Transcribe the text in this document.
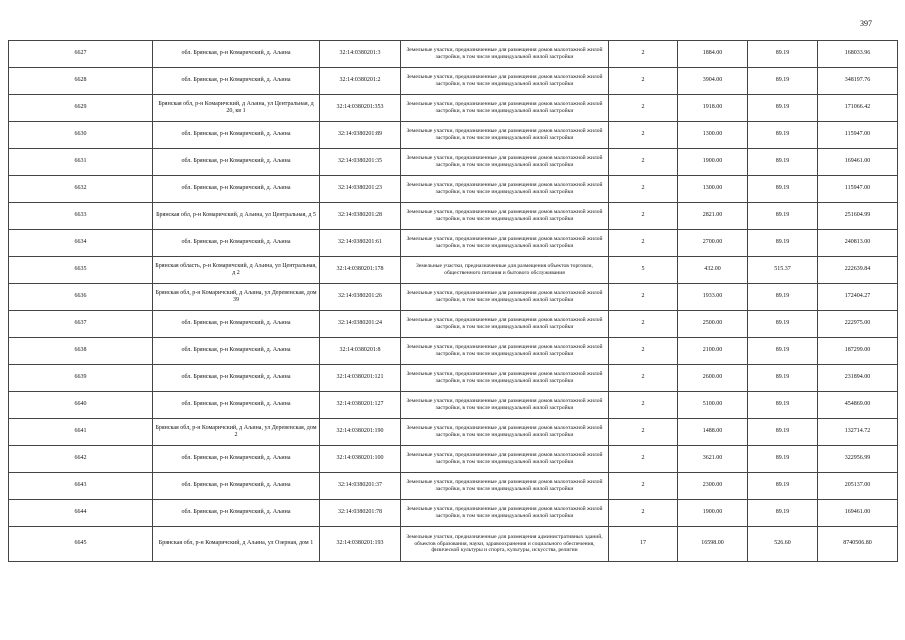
397
6627	обл. Брянская, р-н Комаричский, д. Аљина	32:14:0380201:3	Земельные участки, предназначенные для размещения домов малоэтажной жилой застройки, в том числе индивидуальной жилой застройки	2	1884.00	89.19	168033.96
6628	обл. Брянская, р-н Комаричский, д. Аљина	32:14:0380201:2	Земельные участки, предназначенные для размещения домов малоэтажной жилой застройки, в том числе индивидуальной жилой застройки	2	3904.00	89.19	348197.76
6629	Брянская обл, р-н Комаричский, д Аљина, ул Центральная, д 20, кв 1	32:14:0380201:353	Земельные участки, предназначенные для размещения домов малоэтажной жилой застройки, в том числе индивидуальной жилой застройки	2	1918.00	89.19	171066.42
6630	обл. Брянская, р-н Комаричский, д. Аљина	32:14:0380201:89	Земельные участки, предназначенные для размещения домов малоэтажной жилой застройки, в том числе индивидуальной жилой застройки	2	1300.00	89.19	115947.00
6631	обл. Брянская, р-н Комаричский, д. Аљина	32:14:0380201:35	Земельные участки, предназначенные для размещения домов малоэтажной жилой застройки, в том числе индивидуальной жилой застройки	2	1900.00	89.19	169461.00
6632	обл. Брянская, р-н Комаричский, д. Аљина	32:14:0380201:23	Земельные участки, предназначенные для размещения домов малоэтажной жилой застройки, в том числе индивидуальной жилой застройки	2	1300.00	89.19	115947.00
6633	Брянская обл, р-н Комаричский, д Аљина, ул Центральная, д 5	32:14:0380201:28	Земельные участки, предназначенные для размещения домов малоэтажной жилой застройки, в том числе индивидуальной жилой застройки	2	2821.00	89.19	251604.99
6634	обл. Брянская, р-н Комаричский, д. Аљина	32:14:0380201:61	Земельные участки, предназначенные для размещения домов малоэтажной жилой застройки, в том числе индивидуальной жилой застройки	2	2700.00	89.19	240813.00
6635	Брянская область, р-н Комаричский, д Аљина, ул Центральная, д 2	32:14:0380201:178	Земельные участки, предназначенные для размещения объектов торговли, общественного питания и бытового обслуживания	5	432.00	515.37	222639.84
6636	Брянская обл, р-н Комаричский, д Аљина, ул Деревенская, дом 39	32:14:0380201:26	Земельные участки, предназначенные для размещения домов малоэтажной жилой застройки, в том числе индивидуальной жилой застройки	2	1933.00	89.19	172404.27
6637	обл. Брянская, р-н Комаричский, д. Аљина	32:14:0380201:24	Земельные участки, предназначенные для размещения домов малоэтажной жилой застройки, в том числе индивидуальной жилой застройки	2	2500.00	89.19	222975.00
6638	обл. Брянская, р-н Комаричский, д. Аљина	32:14:0380201:8	Земельные участки, предназначенные для размещения домов малоэтажной жилой застройки, в том числе индивидуальной жилой застройки	2	2100.00	89.19	187299.00
6639	обл. Брянская, р-н Комаричский, д. Аљина	32:14:0380201:121	Земельные участки, предназначенные для размещения домов малоэтажной жилой застройки, в том числе индивидуальной жилой застройки	2	2600.00	89.19	231894.00
6640	обл. Брянская, р-н Комаричский, д. Аљина	32:14:0380201:127	Земельные участки, предназначенные для размещения домов малоэтажной жилой застройки, в том числе индивидуальной жилой застройки	2	5100.00	89.19	454869.00
6641	Брянская обл, р-н Комаричский, д Аљина, ул Деревенская, дом 2	32:14:0380201:190	Земельные участки, предназначенные для размещения домов малоэтажной жилой застройки, в том числе индивидуальной жилой застройки	2	1488.00	89.19	132714.72
6642	обл. Брянская, р-н Комаричский, д. Аљина	32:14:0380201:100	Земельные участки, предназначенные для размещения домов малоэтажной жилой застройки, в том числе индивидуальной жилой застройки	2	3621.00	89.19	322956.99
6643	обл. Брянская, р-н Комаричский, д. Аљина	32:14:0380201:37	Земельные участки, предназначенные для размещения домов малоэтажной жилой застройки, в том числе индивидуальной жилой застройки	2	2300.00	89.19	205137.00
6644	обл. Брянская, р-н Комаричский, д. Аљина	32:14:0380201:78	Земельные участки, предназначенные для размещения домов малоэтажной жилой застройки, в том числе индивидуальной жилой застройки	2	1900.00	89.19	169461.00
6645	Брянская обл, р-н Комаричский, д Аљина, ул Озерная, дом 1	32:14:0380201:193	Земельные участки, предназначенные для размещения административных зданий, объектов образования, науки, здравоохранения и социального обеспечения, физической культуры и спорта, культуры, искусства, религии	17	16598.00	526.60	8740506.80
